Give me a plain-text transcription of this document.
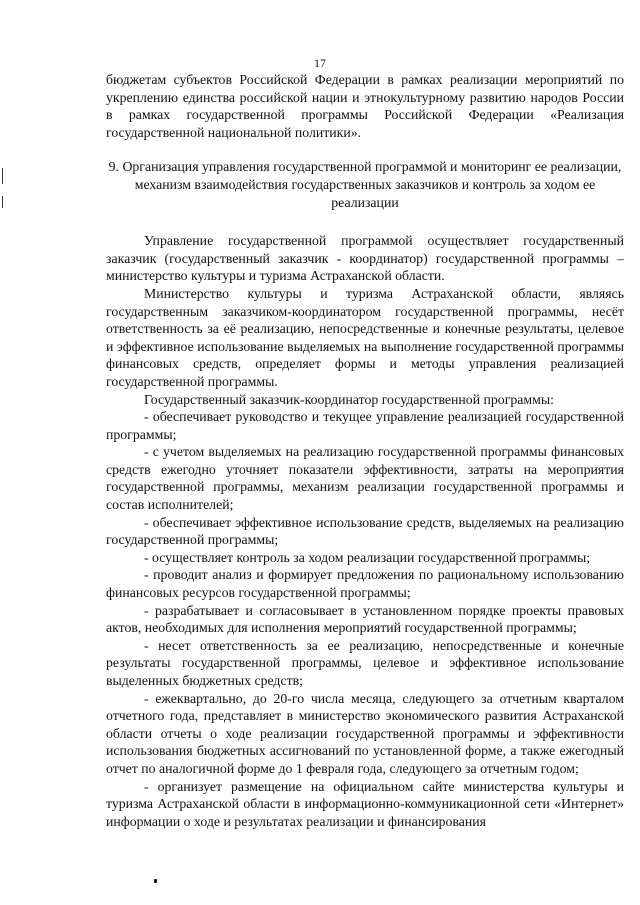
17

бюджетам субъектов Российской Федерации в рамках реализации мероприятий по укреплению единства российской нации и этнокультурному развитию народов России в рамках государственной программы Российской Федерации «Реализация государственной национальной политики».

9. Организация управления государственной программой и мониторинг ее реализации, механизм взаимодействия государственных заказчиков и контроль за ходом ее реализации

Управление государственной программой осуществляет государственный заказчик (государственный заказчик - координатор) государственной программы – министерство культуры и туризма Астраханской области.

Министерство культуры и туризма Астраханской области, являясь государственным заказчиком-координатором государственной программы, несёт ответственность за её реализацию, непосредственные и конечные результаты, целевое и эффективное использование выделяемых на выполнение государственной программы финансовых средств, определяет формы и методы управления реализацией государственной программы.

Государственный заказчик-координатор государственной программы:

- обеспечивает руководство и текущее управление реализацией государственной программы;

- с учетом выделяемых на реализацию государственной программы финансовых средств ежегодно уточняет показатели эффективности, затраты на мероприятия государственной программы, механизм реализации государственной программы и состав исполнителей;

- обеспечивает эффективное использование средств, выделяемых на реализацию государственной программы;

- осуществляет контроль за ходом реализации государственной программы;

- проводит анализ и формирует предложения по рациональному использованию финансовых ресурсов государственной программы;

- разрабатывает и согласовывает в установленном порядке проекты правовых актов, необходимых для исполнения мероприятий государственной программы;

- несет ответственность за ее реализацию, непосредственные и конечные результаты государственной программы, целевое и эффективное использование выделенных бюджетных средств;

- ежеквартально, до 20-го числа месяца, следующего за отчетным кварталом отчетного года, представляет в министерство экономического развития Астраханской области отчеты о ходе реализации государственной программы и эффективности использования бюджетных ассигнований по установленной форме, а также ежегодный отчет по аналогичной форме до 1 февраля года, следующего за отчетным годом;

- организует размещение на официальном сайте министерства культуры и туризма Астраханской области в информационно-коммуникационной сети «Интернет» информации о ходе и результатах реализации и финансирования
